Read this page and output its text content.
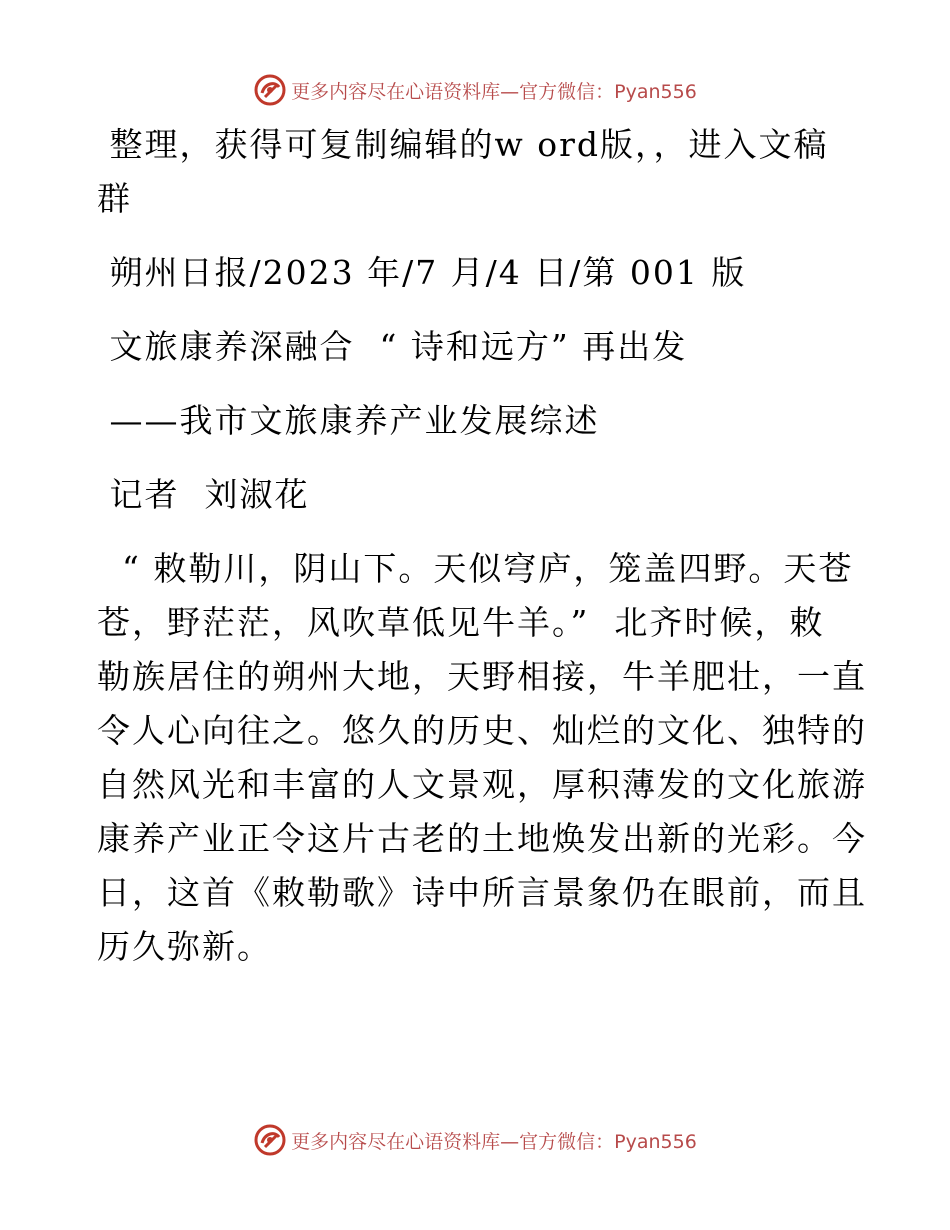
更多内容尽在心语资料库—官方微信：Pyan556
整理，获得可复制编辑的w ord版，，进入文稿
群
朔州日报/2023 年/7 月/4 日/第 001 版
文旅康养深融合  “ 诗和远方” 再出发
——我市文旅康养产业发展综述
记者  刘淑花
“ 敕勒川，阴山下。天似穹庐，笼盖四野。天苍
苍，野茫茫，风吹草低见牛羊。”  北齐时候，敕
勒族居住的朔州大地，天野相接，牛羊肥壮，一直
令人心向往之。悠久的历史、灿烂的文化、独特的
自然风光和丰富的人文景观，厚积薄发的文化旅游
康养产业正令这片古老的土地焕发出新的光彩。今
日，这首《敕勒歌》诗中所言景象仍在眼前，而且
历久弥新。
更多内容尽在心语资料库—官方微信：Pyan556
